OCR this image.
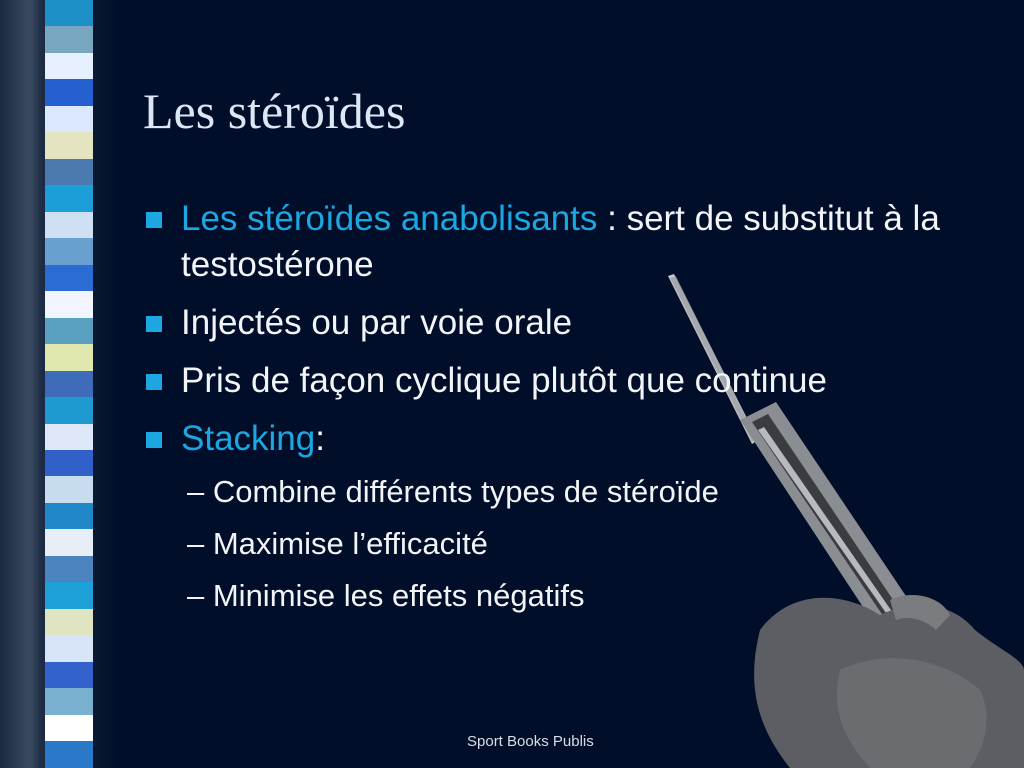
Les stéroïdes
Les stéroïdes anabolisants : sert de substitut à la testostérone
Injectés ou par voie orale
Pris de façon cyclique plutôt que continue
Stacking:
– Combine différents types de stéroïde
– Maximise l’efficacité
– Minimise les effets négatifs
Sport Books Publis
